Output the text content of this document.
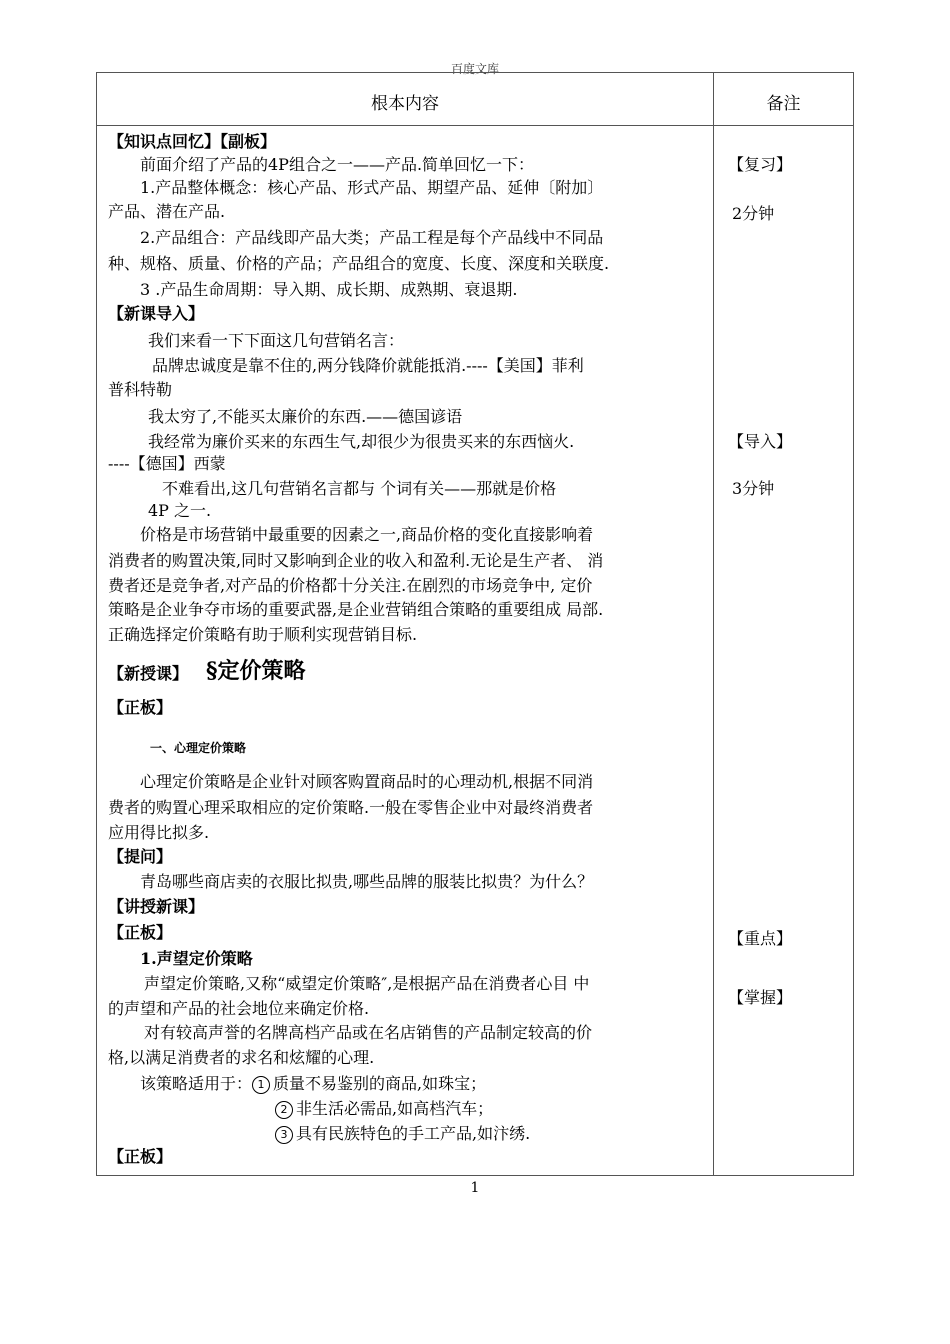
百度文库
根本内容	备注
【知识点回忆】【副板】
前面介绍了产品的4P组合之一——产品.简单回忆一下：
1.产品整体概念：核心产品、形式产品、期望产品、延伸〔附加〕
产品、潜在产品.
2.产品组合：产品线即产品大类；产品工程是每个产品线中不同品
种、规格、质量、价格的产品；产品组合的宽度、长度、深度和关联度.
3 .产品生命周期：导入期、成长期、成熟期、衰退期.
【新课导入】
我们来看一下下面这几句营销名言：
品牌忠诚度是靠不住的,两分钱降价就能抵消.----【美国】菲利
普科特勒
我太穷了,不能买太廉价的东西.——德国谚语
我经常为廉价买来的东西生气,却很少为很贵买来的东西恼火.
----【德国】西蒙
不难看出,这几句营销名言都与 个词有关——那就是价格
4P 之一.
价格是市场营销中最重要的因素之一,商品价格的变化直接影响着
消费者的购置决策,同时又影响到企业的收入和盈利.无论是生产者、 消
费者还是竞争者,对产品的价格都十分关注.在剧烈的市场竞争中, 定价
策略是企业争夺市场的重要武器,是企业营销组合策略的重要组成 局部.
正确选择定价策略有助于顺利实现营销目标.
【新授课】 §定价策略
【正板】
一、心理定价策略
心理定价策略是企业针对顾客购置商品时的心理动机,根据不同消
费者的购置心理采取相应的定价策略.一般在零售企业中对最终消费者
应用得比拟多.
【提问】
青岛哪些商店卖的衣服比拟贵,哪些品牌的服装比拟贵？为什么？
【讲授新课】
【正板】
1.声望定价策略
声望定价策略,又称“威望定价策略″,是根据产品在消费者心目 中
的声望和产品的社会地位来确定价格.
对有较高声誉的名牌高档产品或在名店销售的产品制定较高的价
格,以满足消费者的求名和炫耀的心理.
该策略适用于： 1 质量不易鉴别的商品,如珠宝；
2 非生活必需品,如高档汽车；
3 具有民族特色的手工产品,如汴绣.
【正板】
【复习】
2分钟
【导入】
3分钟
【重点】
【掌握】
1
